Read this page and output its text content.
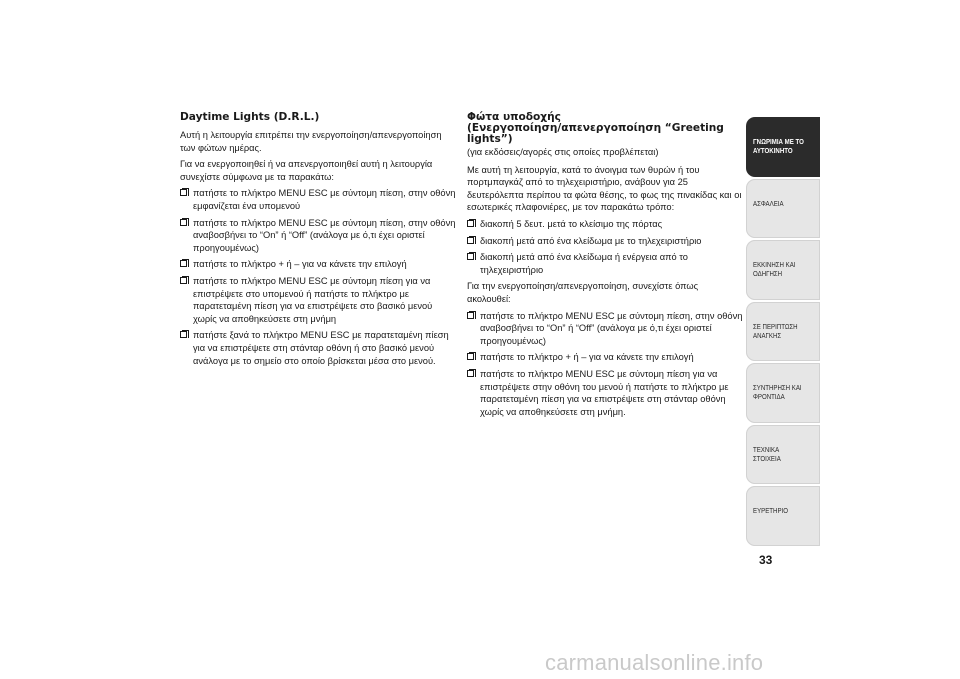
Daytime Lights (D.R.L.)

Αυτή η λειτουργία επιτρέπει την ενεργοποίηση/απενεργοποίηση των φώτων ημέρας.

Για να ενεργοποιηθεί ή να απενεργοποιηθεί αυτή η λειτουργία συνεχίστε σύμφωνα με τα παρακάτω:

πατήστε το πλήκτρο MENU ESC με σύντομη πίεση, στην οθόνη εμφανίζεται ένα υπομενού
πατήστε το πλήκτρο MENU ESC με σύντομη πίεση, στην οθόνη αναβοσβήνει το “On” ή “Off” (ανάλογα με ό,τι έχει οριστεί προηγουμένως)
πατήστε το πλήκτρο + ή – για να κάνετε την επιλογή
πατήστε το πλήκτρο MENU ESC με σύντομη πίεση για να επιστρέψετε στο υπομενού ή πατήστε το πλήκτρο με παρατεταμένη πίεση για να επιστρέψετε στο βασικό μενού χωρίς να αποθηκεύσετε στη μνήμη
πατήστε ξανά το πλήκτρο MENU ESC με παρατεταμένη πίεση για να επιστρέψετε στη στάνταρ οθόνη ή στο βασικό μενού ανάλογα με το σημείο στο οποίο βρίσκεται μέσα στο μενού.
Φώτα υποδοχής
(Ενεργοποίηση/απενεργοποίηση “Greeting lights”)

(για εκδόσεις/αγορές στις οποίες προβλέπεται)

Με αυτή τη λειτουργία, κατά το άνοιγμα των θυρών ή του πορτμπαγκάζ από το τηλεχειριστήριο, ανάβουν για 25 δευτερόλεπτα περίπου τα φώτα θέσης, το φως της πινακίδας και οι εσωτερικές πλαφονιέρες, με τον παρακάτω τρόπο:

διακοπή 5 δευτ. μετά το κλείσιμο της πόρτας
διακοπή μετά από ένα κλείδωμα με το τηλεχειριστήριο
διακοπή μετά από ένα κλείδωμα ή ενέργεια από το τηλεχειριστήριο

Για την ενεργοποίηση/απενεργοποίηση, συνεχίστε όπως ακολουθεί:

πατήστε το πλήκτρο MENU ESC με σύντομη πίεση, στην οθόνη αναβοσβήνει το “On” ή “Off” (ανάλογα με ό,τι έχει οριστεί προηγουμένως)
πατήστε το πλήκτρο + ή – για να κάνετε την επιλογή
πατήστε το πλήκτρο MENU ESC με σύντομη πίεση για να επιστρέψετε στην οθόνη του μενού ή πατήστε το πλήκτρο με παρατεταμένη πίεση για να επιστρέψετε στη στάνταρ οθόνη χωρίς να αποθηκεύσετε στη μνήμη.
ΓΝΩΡΙΜΙΑ ΜΕ ΤΟ
ΑΥΤΟΚΙΝΗΤΟ
ΑΣΦΑΛΕΙΑ
ΕΚΚΙΝΗΣΗ ΚΑΙ
ΟΔΗΓΗΣΗ
ΣΕ ΠΕΡΙΠΤΩΣΗ
ΑΝΑΓΚΗΣ
ΣΥΝΤΗΡΗΣΗ ΚΑΙ
ΦΡΟΝΤΙΔΑ
ΤΕΧΝΙΚΑ ΣΤΟΙΧΕΙΑ
ΕΥΡΕΤΗΡΙΟ
33
carmanualsonline.info
